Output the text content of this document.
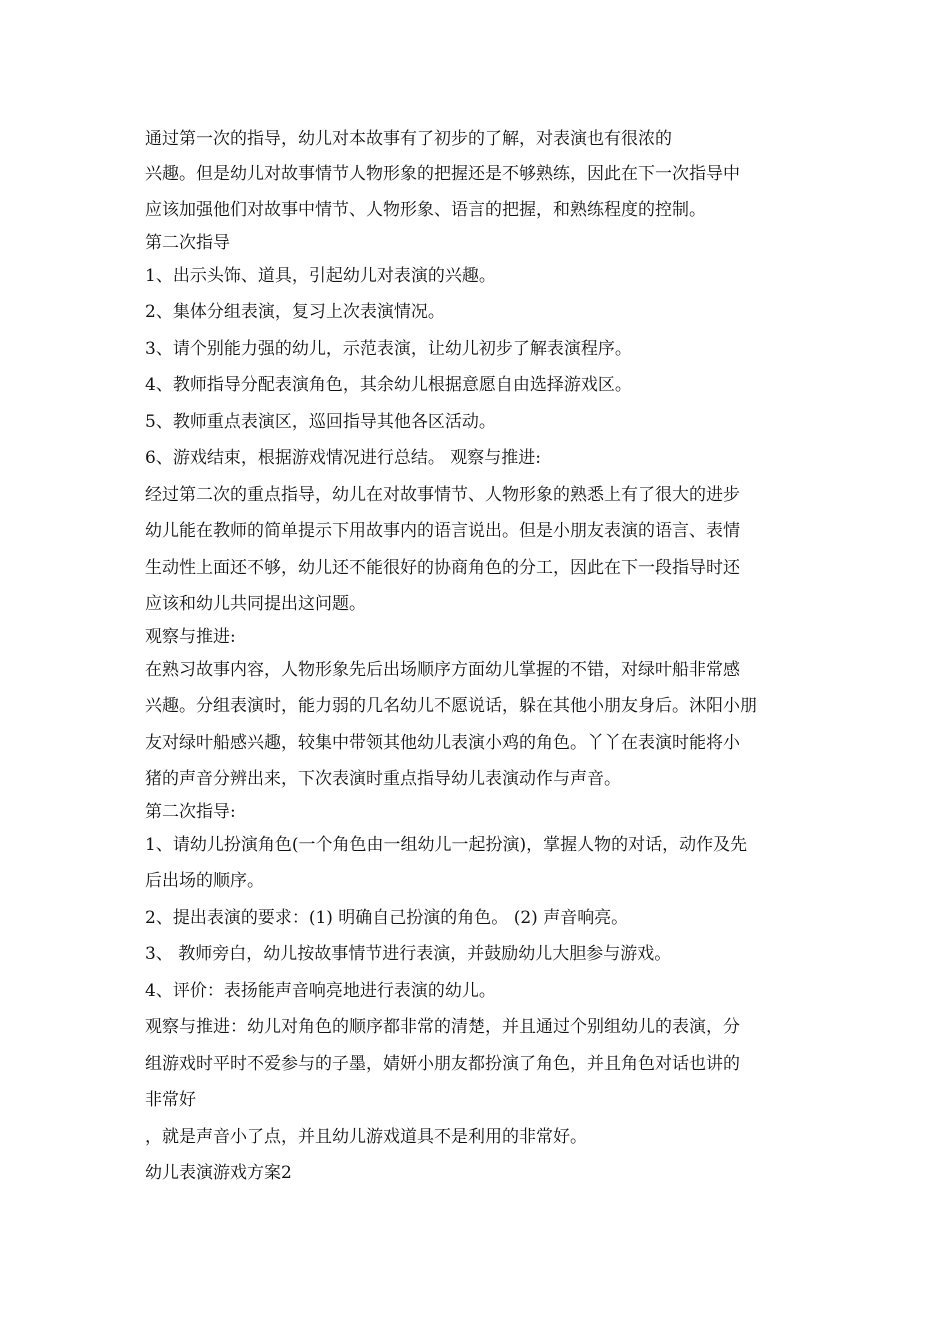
通过第一次的指导，幼儿对本故事有了初步的了解，对表演也有很浓的
兴趣。但是幼儿对故事情节人物形象的把握还是不够熟练，因此在下一次指导中
应该加强他们对故事中情节、人物形象、语言的把握，和熟练程度的控制。
第二次指导
1、出示头饰、道具，引起幼儿对表演的兴趣。
2、集体分组表演，复习上次表演情况。
3、请个别能力强的幼儿，示范表演，让幼儿初步了解表演程序。
4、教师指导分配表演角色，其余幼儿根据意愿自由选择游戏区。
5、教师重点表演区，巡回指导其他各区活动。
6、游戏结束，根据游戏情况进行总结。 观察与推进:
经过第二次的重点指导，幼儿在对故事情节、人物形象的熟悉上有了很大的进步
幼儿能在教师的简单提示下用故事内的语言说出。但是小朋友表演的语言、表情
生动性上面还不够，幼儿还不能很好的协商角色的分工，因此在下一段指导时还
应该和幼儿共同提出这问题。
观察与推进:
在熟习故事内容，人物形象先后出场顺序方面幼儿掌握的不错，对绿叶船非常感
兴趣。分组表演时，能力弱的几名幼儿不愿说话，躲在其他小朋友身后。沐阳小朋
友对绿叶船感兴趣，较集中带领其他幼儿表演小鸡的角色。丫丫在表演时能将小
猪的声音分辨出来，下次表演时重点指导幼儿表演动作与声音。
第二次指导:
1、请幼儿扮演角色(一个角色由一组幼儿一起扮演)，掌握人物的对话，动作及先
后出场的顺序。
2、提出表演的要求：(1) 明确自己扮演的角色。 (2) 声音响亮。
3、 教师旁白，幼儿按故事情节进行表演，并鼓励幼儿大胆参与游戏。
4、评价：表扬能声音响亮地进行表演的幼儿。
观察与推进：幼儿对角色的顺序都非常的清楚，并且通过个别组幼儿的表演，分
组游戏时平时不爱参与的子墨，婧妍小朋友都扮演了角色，并且角色对话也讲的
非常好
，就是声音小了点，并且幼儿游戏道具不是利用的非常好。
幼儿表演游戏方案2
